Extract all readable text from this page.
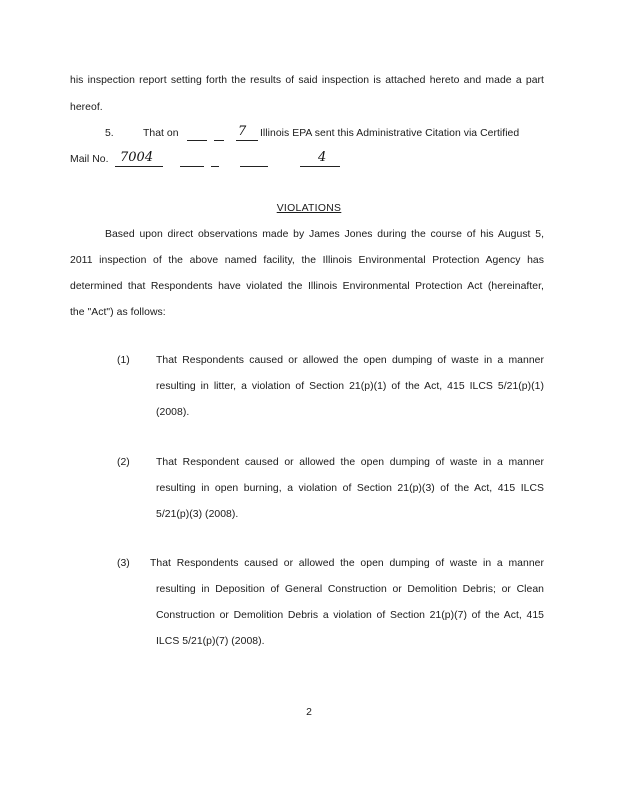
his inspection report setting forth the results of said inspection is attached hereto and made a part
hereof.
5.	That on	7 Illinois EPA sent this Administrative Citation via Certified
Mail No. 7004	4
VIOLATIONS
Based upon direct observations made by James Jones during the course of his August 5,
2011 inspection of the above named facility, the Illinois Environmental Protection Agency has
determined that Respondents have violated the Illinois Environmental Protection Act (hereinafter,
the "Act") as follows:
(1)	That Respondents caused or allowed the open dumping of waste in a manner
resulting in litter, a violation of Section 21(p)(1) of the Act, 415 ILCS 5/21(p)(1)
(2008).
(2)	That Respondent caused or allowed the open dumping of waste in a manner
resulting in open burning, a violation of Section 21(p)(3) of the Act, 415 ILCS
5/21(p)(3) (2008).
(3) That Respondents caused or allowed the open dumping of waste in a manner
resulting in Deposition of General Construction or Demolition Debris; or Clean
Construction or Demolition Debris a violation of Section 21(p)(7) of the Act, 415
ILCS 5/21(p)(7) (2008).
2
